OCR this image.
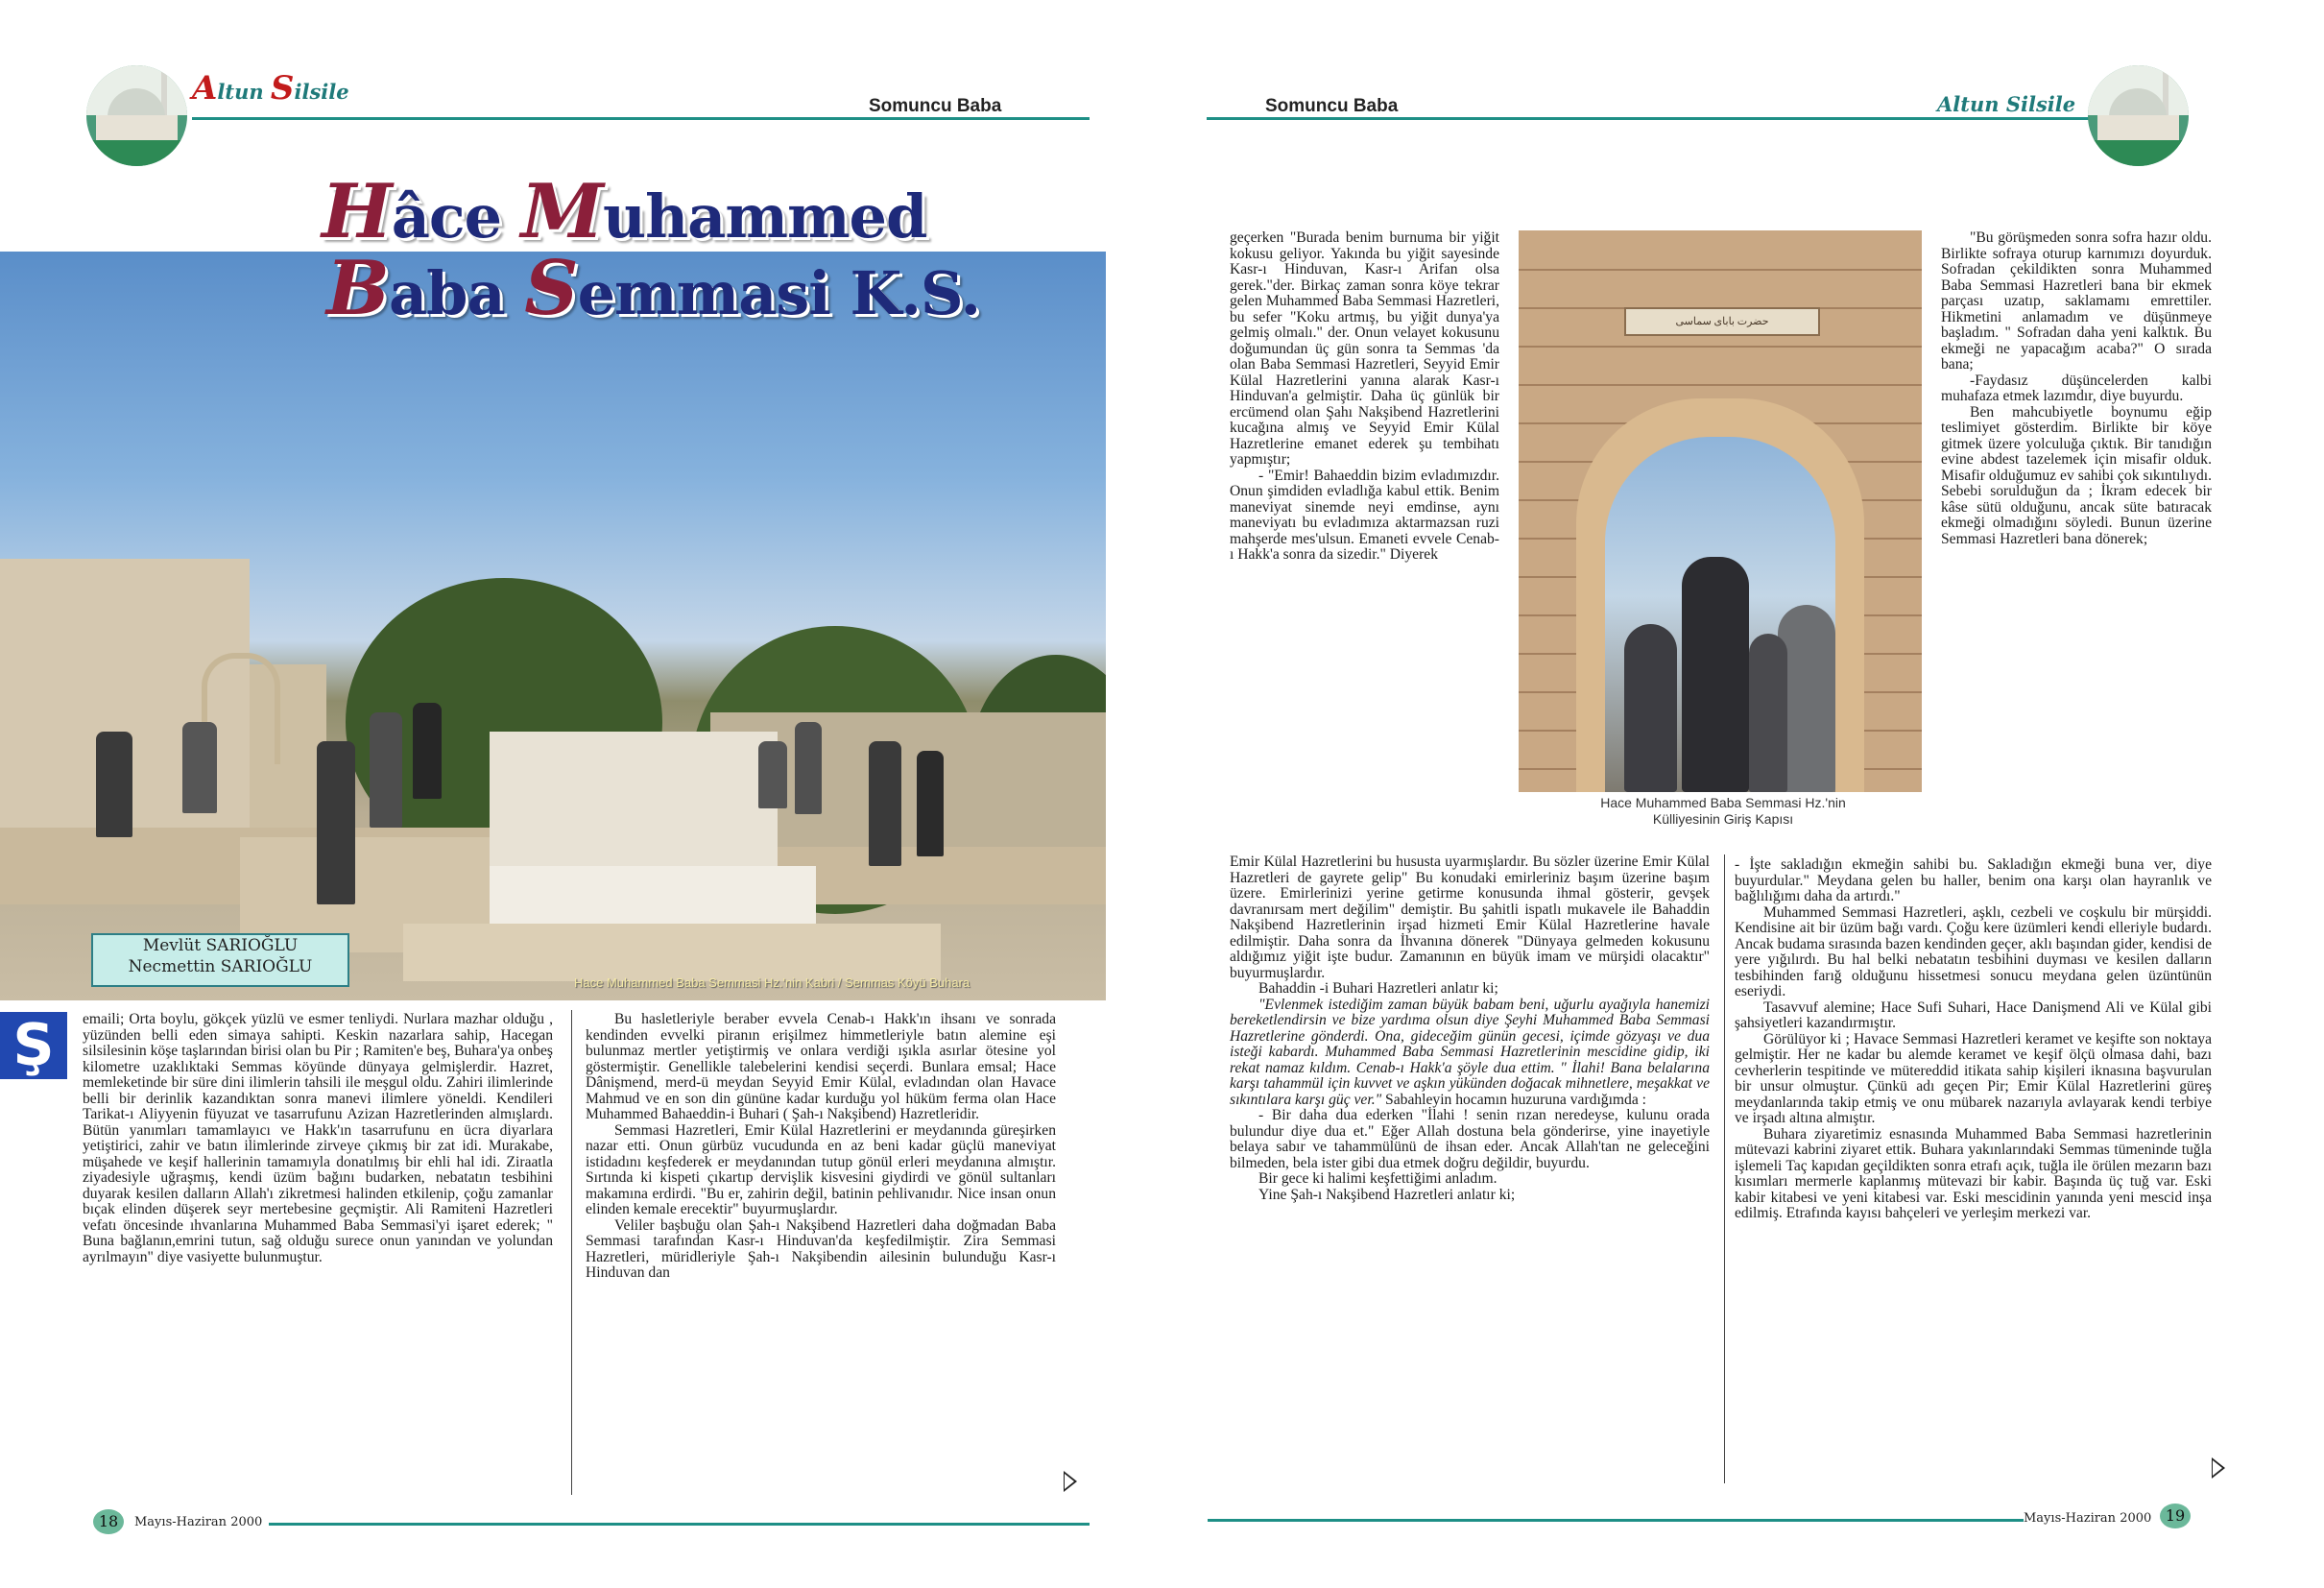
Altun Silsile
Somuncu Baba	Somuncu Baba	Altun Silsile
Hâce Muhammed
Baba Semmasi K.S.
Mevlüt SARIOĞLU
Necmettin SARIOĞLU
Hace Muhammed Baba Semmasi Hz.'nin Kabri / Semmas Köyü Buhara
Ş	emaili; Orta boylu, gökçek yüzlü ve esmer tenliydi. Nurlara mazhar olduğu , yüzünden belli eden simaya sahipti. Keskin nazarlara sahip, Hacegan silsilesinin köşe taşlarından birisi olan bu Pir ; Ramiten'e beş, Buhara'ya onbeş kilometre uzaklıktaki Semmas köyünde dünyaya gelmişlerdir. Hazret, memleketinde bir süre dini ilimlerin tahsili ile meşgul oldu. Zahiri ilimlerinde belli bir derinlik kazandıktan sonra manevi ilimlere yöneldi. Kendileri Tarikat-ı Aliyyenin füyuzat ve tasarrufunu Azizan Hazretlerinden almışlardı. Bütün yanımları tamamlayıcı ve Hakk'ın tasarrufunu en ücra diyarlara yetiştirici, zahir ve batın ilimlerinde zirveye çıkmış bir zat idi. Murakabe, müşahede ve keşif hallerinin tamamıyla donatılmış bir ehli hal idi. Ziraatla ziyadesiyle uğraşmış, kendi üzüm bağını budarken, nebatatın tesbihini duyarak kesilen dalların Allah'ı zikretmesi halinden etkilenip, çoğu zamanlar bıçak elinden düşerek seyr mertebesine geçmiştir. Ali Ramiteni Hazretleri vefatı öncesinde ıhvanlarına Muhammed Baba Semmasi'yi işaret ederek; " Buna bağlanın,emrini tutun, sağ olduğu surece onun yanından ve yolundan ayrılmayın" diye vasiyette bulunmuştur.

Bu hasletleriyle beraber evvela Cenab-ı Hakk'ın ihsanı ve sonrada kendinden evvelki piranın erişilmez himmetleriyle batın alemine eşi bulunmaz mertler yetiştirmiş ve onlara verdiği ışıkla asırlar ötesine yol göstermiştir. Genellikle talebelerini kendisi seçerdi. Bunlara emsal; Hace Dânişmend, merd-ü meydan Seyyid Emir Külal, evladından olan Havace Mahmud ve en son din gününe kadar kurduğu yol hüküm ferma olan Hace Muhammed Bahaeddin-i Buhari ( Şah-ı Nakşibend) Hazretleridir.

Semmasi Hazretleri, Emir Külal Hazretlerini er meydanında güreşirken nazar etti. Onun gürbüz vucudunda en az beni kadar güçlü maneviyat istidadını keşfederek er meydanından tutup gönül erleri meydanına almıştır. Sırtında ki kispeti çıkartıp dervişlik kisvesini giydirdi ve gönül sultanları makamına erdirdi. "Bu er, zahirin değil, batinin pehlivanıdır. Nice insan onun elinden kemale erecektir" buyurmuşlardır.

Veliler başbuğu olan Şah-ı Nakşibend Hazretleri daha doğmadan Baba Semmasi tarafından Kasr-ı Hinduvan'da keşfedilmiştir. Zira Semmasi Hazretleri, müridleriyle Şah-ı Nakşibendin ailesinin bulunduğu Kasr-ı Hinduvan dan

18	Mayıs-Haziran 2000

geçerken "Burada benim burnuma bir yiğit kokusu geliyor. Yakında bu yiğit sayesinde Kasr-ı Hinduvan, Kasr-ı Arifan olsa gerek."der. Birkaç zaman sonra köye tekrar gelen Muhammed Baba Semmasi Hazretleri, bu sefer "Koku artmış, bu yiğit dunya'ya gelmiş olmalı." der. Onun velayet kokusunu doğumundan üç gün sonra ta Semmas 'da olan Baba Semmasi Hazretleri, Seyyid Emir Külal Hazretlerini yanına alarak Kasr-ı Hinduvan'a gelmiştir. Daha üç günlük bir ercümend olan Şahı Nakşibend Hazretlerini kucağına almış ve Seyyid Emir Külal Hazretlerine emanet ederek şu tembihatı yapmıştır;

- "Emir! Bahaeddin bizim evladımızdır. Onun şimdiden evladlığa kabul ettik. Benim maneviyat sinemde neyi emdinse, aynı maneviyatı bu evladımıza aktarmazsan ruzi mahşerde mes'ulsun. Emaneti evvele Cenab-ı Hakk'a sonra da sizedir." Diyerek

حضرت بابای سماسی
Hace Muhammed Baba Semmasi Hz.'nin
Külliyesinin Giriş Kapısı

"Bu görüşmeden sonra sofra hazır oldu. Birlikte sofraya oturup karnımızı doyurduk. Sofradan çekildikten sonra Muhammed Baba Semmasi Hazretleri bana bir ekmek parçası uzatıp, saklamamı emrettiler. Hikmetini anlamadım ve düşünmeye başladım. " Sofradan daha yeni kalktık. Bu ekmeği ne yapacağım acaba?" O sırada bana;

-Faydasız düşüncelerden kalbi muhafaza etmek lazımdır, diye buyurdu.

Ben mahcubiyetle boynumu eğip teslimiyet gösterdim. Birlikte bir köye gitmek üzere yolculuğa çıktık. Bir tanıdığın evine abdest tazelemek için misafir olduk. Misafir olduğumuz ev sahibi çok sıkıntılıydı. Sebebi sorulduğun da ; İkram edecek bir kâse sütü olduğunu, ancak süte batıracak ekmeği olmadığını söyledi. Bunun üzerine Semmasi Hazretleri bana dönerek;

Emir Külal Hazretlerini bu hususta uyarmışlardır. Bu sözler üzerine Emir Külal Hazretleri de gayrete gelip" Bu konudaki emirleriniz başım üzerine başım üzere. Emirlerinizi yerine getirme konusunda ihmal gösterir, gevşek davranırsam mert değilim" demiştir. Bu şahitli ispatlı mukavele ile Bahaddin Nakşibend Hazretlerinin irşad hizmeti Emir Külal Hazretlerine havale edilmiştir. Daha sonra da İhvanına dönerek "Dünyaya gelmeden kokusunu aldığımız yiğit işte budur. Zamanının en büyük imam ve mürşidi olacaktır" buyurmuşlardır.

Bahaddin -i Buhari Hazretleri anlatır ki;

"Evlenmek istediğim zaman büyük babam beni, uğurlu ayağıyla hanemizi bereketlendirsin ve bize yardıma olsun diye Şeyhi Muhammed Baba Semmasi Hazretlerine gönderdi. Ona, gideceğim günün gecesi, içimde gözyaşı ve dua isteği kabardı. Muhammed Baba Semmasi Hazretlerinin mescidine gidip, iki rekat namaz kıldım. Cenab-ı Hakk'a şöyle dua ettim. " İlahi! Bana belalarına karşı tahammül için kuvvet ve aşkın yükünden doğacak mihnetlere, meşakkat ve sıkıntılara karşı güç ver." Sabahleyin hocamın huzuruna vardığımda :

- Bir daha dua ederken "İlahi ! senin rızan neredeyse, kulunu orada bulundur diye dua et." Eğer Allah dostuna bela gönderirse, yine inayetiyle belaya sabır ve tahammülünü de ihsan eder. Ancak Allah'tan ne geleceğini bilmeden, bela ister gibi dua etmek doğru değildir, buyurdu.

Bir gece ki halimi keşfettiğimi anladım.

Yine Şah-ı Nakşibend Hazretleri anlatır ki;

- İşte sakladığın ekmeğin sahibi bu. Sakladığın ekmeği buna ver, diye buyurdular." Meydana gelen bu haller, benim ona karşı olan hayranlık ve bağlılığımı daha da artırdı."

Muhammed Semmasi Hazretleri, aşklı, cezbeli ve coşkulu bir mürşiddi. Kendisine ait bir üzüm bağı vardı. Çoğu kere üzümleri kendi elleriyle budardı. Ancak budama sırasında bazen kendinden geçer, aklı başından gider, kendisi de yere yığılırdı. Bu hal belki nebatatın tesbihini duyması ve kesilen dalların tesbihinden farığ olduğunu hissetmesi sonucu meydana gelen üzüntünün eseriydi.

Tasavvuf alemine; Hace Sufi Suhari, Hace Danişmend Ali ve Külal gibi şahsiyetleri kazandırmıştır.

Görülüyor ki ; Havace Semmasi Hazretleri keramet ve keşifte son noktaya gelmiştir. Her ne kadar bu alemde keramet ve keşif ölçü olmasa dahi, bazı cevherlerin tespitinde ve mütereddid itikata sahip kişileri iknasına başvurulan bir unsur olmuştur. Çünkü adı geçen Pir; Emir Külal Hazretlerini güreş meydanlarında takip etmiş ve onu mübarek nazarıyla avlayarak kendi terbiye ve irşadı altına almıştır.

Buhara ziyaretimiz esnasında Muhammed Baba Semmasi hazretlerinin mütevazi kabrini ziyaret ettik. Buhara yakınlarındaki Semmas tümeninde tuğla işlemeli Taç kapıdan geçildikten sonra etrafı açık, tuğla ile örülen mezarın bazı kısımları mermerle kaplanmış mütevazi bir kabir. Başında üç tuğ var. Eski kabir kitabesi ve yeni kitabesi var. Eski mescidinin yanında yeni mescid inşa edilmiş. Etrafında kayısı bahçeleri ve yerleşim merkezi var.

Mayıs-Haziran 2000 19
